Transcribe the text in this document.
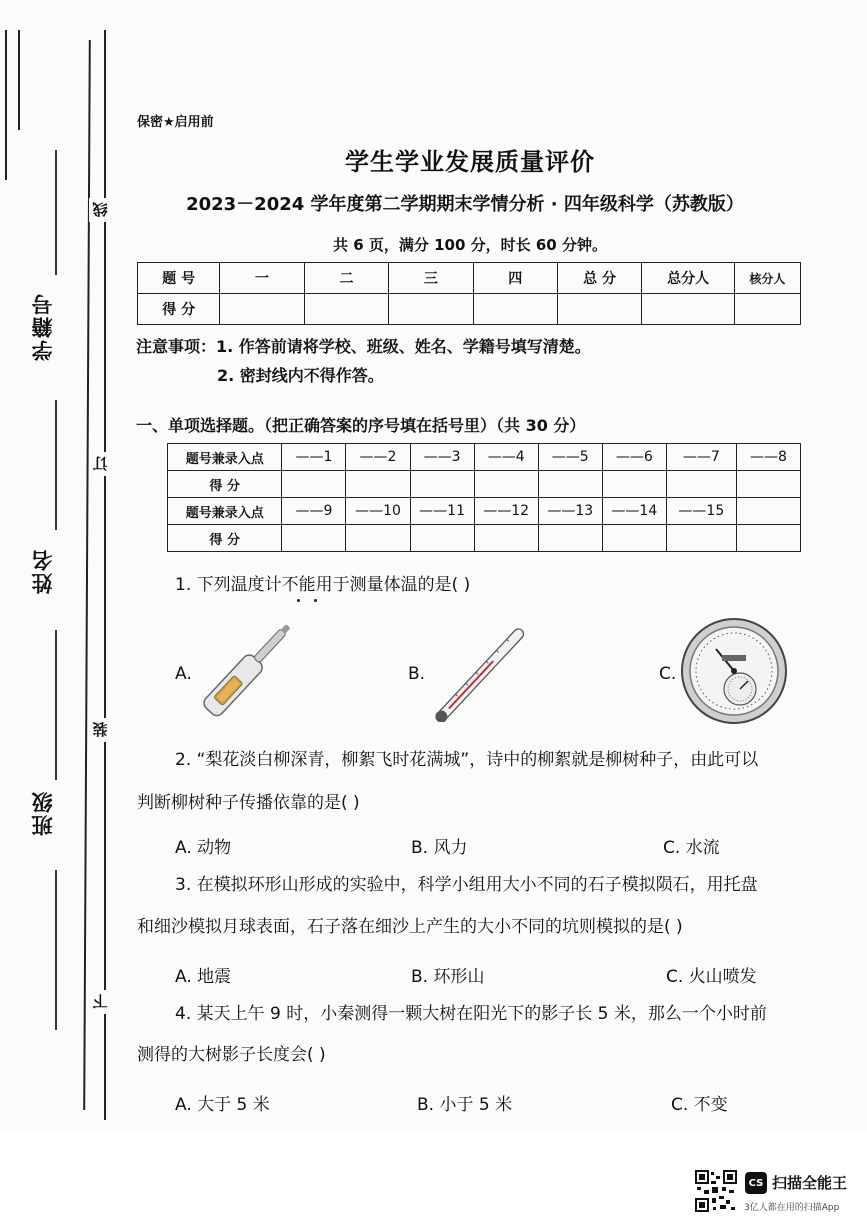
学籍号
姓名
班级
线
订
装
下
保密★启用前
学生学业发展质量评价
2023－2024 学年度第二学期期末学情分析 · 四年级科学（苏教版）
共 6 页，满分 100 分，时长 60 分钟。
题 号	一	二	三	四	总 分	总分人	核分人
得 分							
注意事项：1. 作答前请将学校、班级、姓名、学籍号填写清楚。
2. 密封线内不得作答。
一、单项选择题。（把正确答案的序号填在括号里）（共 30 分）
题号兼录入点	——1	——2	——3	——4	——5	——6	——7	——8
得 分								
题号兼录入点	——9	——10	——11	——12	——13	——14	——15	
得 分								
1. 下列温度计不能用于测量体温的是( )
A.	B.	C.
2. “梨花淡白柳深青，柳絮飞时花满城”，诗中的柳絮就是柳树种子，由此可以
判断柳树种子传播依靠的是( )
A. 动物	B. 风力	C. 水流
3. 在模拟环形山形成的实验中，科学小组用大小不同的石子模拟陨石，用托盘
和细沙模拟月球表面，石子落在细沙上产生的大小不同的坑则模拟的是( )
A. 地震	B. 环形山	C. 火山喷发
4. 某天上午 9 时，小秦测得一颗大树在阳光下的影子长 5 米，那么一个小时前
测得的大树影子长度会( )
A. 大于 5 米	B. 小于 5 米	C. 不变
CS 扫描全能王
3亿人都在用的扫描App
